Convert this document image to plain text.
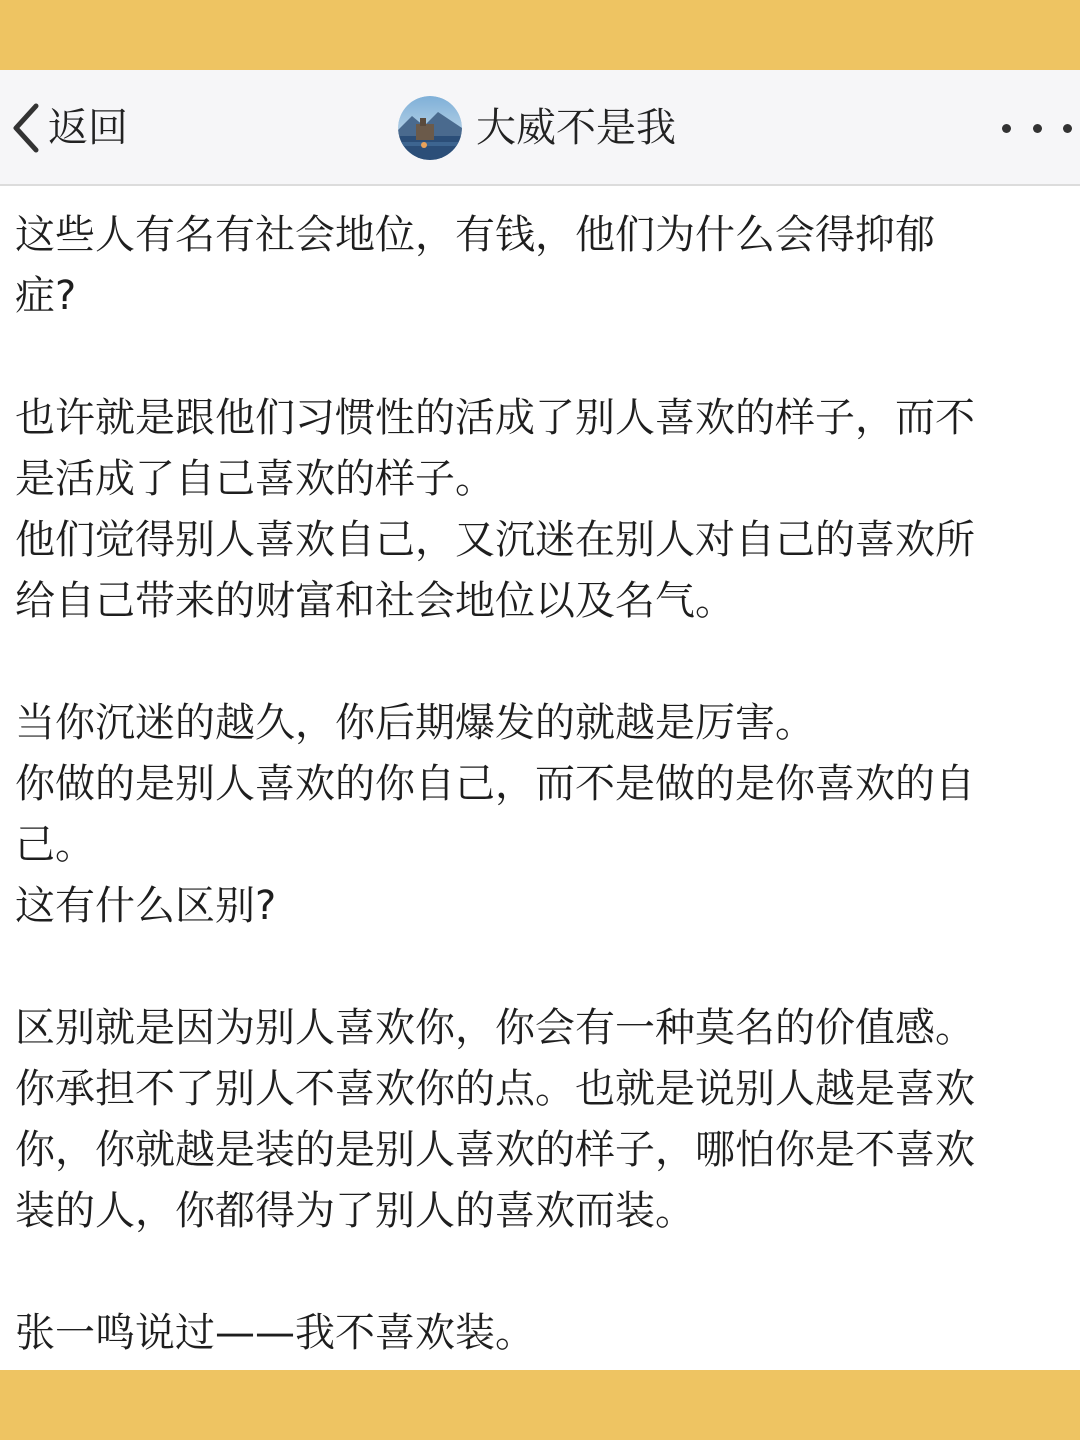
返回	大威不是我
这些人有名有社会地位，有钱，他们为什么会得抑郁
症?
也许就是跟他们习惯性的活成了别人喜欢的样子，而不
是活成了自己喜欢的样子。
他们觉得别人喜欢自己，又沉迷在别人对自己的喜欢所
给自己带来的财富和社会地位以及名气。
当你沉迷的越久，你后期爆发的就越是厉害。
你做的是别人喜欢的你自己，而不是做的是你喜欢的自
己。
这有什么区别?
区别就是因为别人喜欢你，你会有一种莫名的价值感。
你承担不了别人不喜欢你的点。也就是说别人越是喜欢
你，你就越是装的是别人喜欢的样子，哪怕你是不喜欢
装的人，你都得为了别人的喜欢而装。
张一鸣说过——我不喜欢装。
